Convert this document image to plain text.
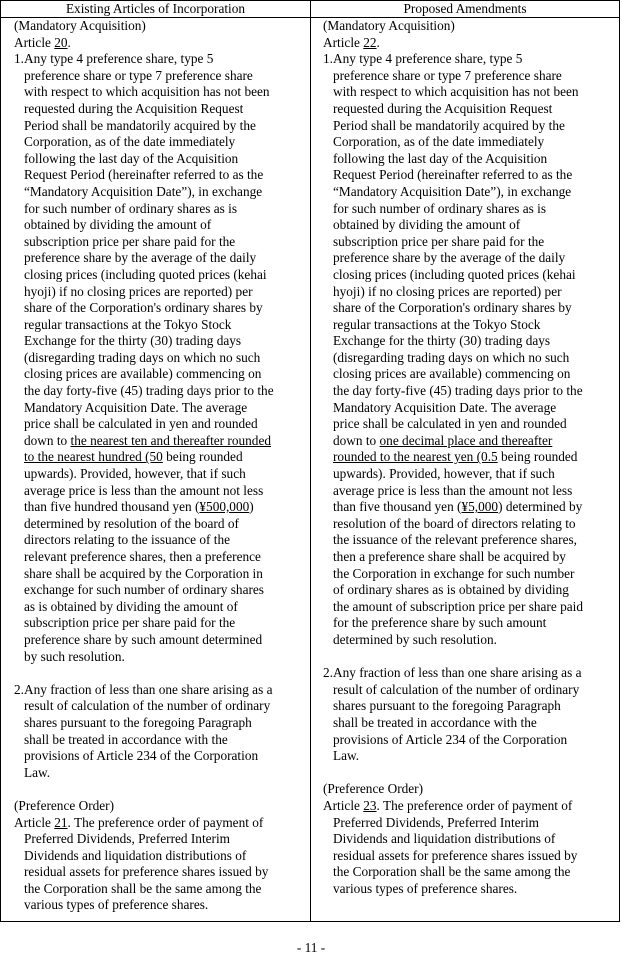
Existing Articles of Incorporation	Proposed Amendments
(Mandatory Acquisition)
Article 20.
1. Any type 4 preference share, type 5
preference share or type 7 preference share
with respect to which acquisition has not been
requested during the Acquisition Request
Period shall be mandatorily acquired by the
Corporation, as of the date immediately
following the last day of the Acquisition
Request Period (hereinafter referred to as the
“Mandatory Acquisition Date”), in exchange
for such number of ordinary shares as is
obtained by dividing the amount of
subscription price per share paid for the
preference share by the average of the daily
closing prices (including quoted prices (kehai
hyoji) if no closing prices are reported) per
share of the Corporation's ordinary shares by
regular transactions at the Tokyo Stock
Exchange for the thirty (30) trading days
(disregarding trading days on which no such
closing prices are available) commencing on
the day forty-five (45) trading days prior to the
Mandatory Acquisition Date. The average
price shall be calculated in yen and rounded
down to the nearest ten and thereafter rounded
to the nearest hundred (50 being rounded
upwards). Provided, however, that if such
average price is less than the amount not less
than five hundred thousand yen (¥500,000)
determined by resolution of the board of
directors relating to the issuance of the
relevant preference shares, then a preference
share shall be acquired by the Corporation in
exchange for such number of ordinary shares
as is obtained by dividing the amount of
subscription price per share paid for the
preference share by such amount determined
by such resolution.
2. Any fraction of less than one share arising as a
result of calculation of the number of ordinary
shares pursuant to the foregoing Paragraph
shall be treated in accordance with the
provisions of Article 234 of the Corporation
Law.
(Preference Order)
Article 21. The preference order of payment of
Preferred Dividends, Preferred Interim
Dividends and liquidation distributions of
residual assets for preference shares issued by
the Corporation shall be the same among the
various types of preference shares.
(Mandatory Acquisition)
Article 22.
1. Any type 4 preference share, type 5
preference share or type 7 preference share
with respect to which acquisition has not been
requested during the Acquisition Request
Period shall be mandatorily acquired by the
Corporation, as of the date immediately
following the last day of the Acquisition
Request Period (hereinafter referred to as the
“Mandatory Acquisition Date”), in exchange
for such number of ordinary shares as is
obtained by dividing the amount of
subscription price per share paid for the
preference share by the average of the daily
closing prices (including quoted prices (kehai
hyoji) if no closing prices are reported) per
share of the Corporation's ordinary shares by
regular transactions at the Tokyo Stock
Exchange for the thirty (30) trading days
(disregarding trading days on which no such
closing prices are available) commencing on
the day forty-five (45) trading days prior to the
Mandatory Acquisition Date. The average
price shall be calculated in yen and rounded
down to one decimal place and thereafter
rounded to the nearest yen (0.5 being rounded
upwards). Provided, however, that if such
average price is less than the amount not less
than five thousand yen (¥5,000) determined by
resolution of the board of directors relating to
the issuance of the relevant preference shares,
then a preference share shall be acquired by
the Corporation in exchange for such number
of ordinary shares as is obtained by dividing
the amount of subscription price per share paid
for the preference share by such amount
determined by such resolution.
2. Any fraction of less than one share arising as a
result of calculation of the number of ordinary
shares pursuant to the foregoing Paragraph
shall be treated in accordance with the
provisions of Article 234 of the Corporation
Law.
(Preference Order)
Article 23. The preference order of payment of
Preferred Dividends, Preferred Interim
Dividends and liquidation distributions of
residual assets for preference shares issued by
the Corporation shall be the same among the
various types of preference shares.
- 11 -
